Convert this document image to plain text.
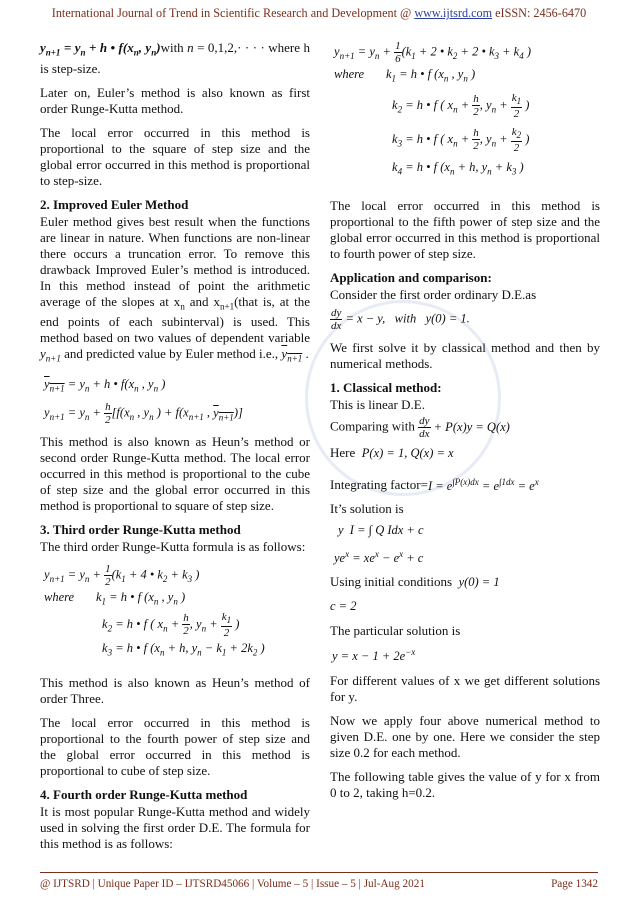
International Journal of Trend in Scientific Research and Development @ www.ijtsrd.com eISSN: 2456-6470

$y_{n+1} = y_n + h$ • $f(x_n$, $y_n)with$ n = 0,1,2,· · · · where h is step-size.

Later on, Euler’s method is also known as first order Runge-Kutta method.

The local error occurred in this method is proportional to the square of step size and the global error occurred in this method is proportional to step-size.

2. Improved Euler Method

Euler method gives best result when the functions are linear in nature. When functions are non-linear there occurs a truncation error. To remove this drawback Improved Euler’s method is introduced. In this method instead of point the arithmetic average of the slopes at $x_n$ and $x_{n+1}(that$ is, at the end points of each subinterval) is used. This method based on two values of dependent variable $y_{n+1}$ and predicted value by Euler method i.e., $y_{n+1}$ .

$y_{n+1} = y_n + h$ • $f(x_n$ , $y_n$ )
$y_{n+1} = y_n + \frac{h}{2} [f(x_n$ , $y_n$ ) + $f(x_{n+1}$ , $y_{n+1}$)]

This method is also known as Heun’s method or second order Runge-Kutta method. The local error occurred in this method is proportional to the cube of step size and the global error occurred in this method is proportional to square of step size.

3. Third order Runge-Kutta method

The third order Runge-Kutta formula is as follows:

$y_{n+1} = y_n + \frac{1}{2} (k_1 + 4$ • $k_2 + k_3$ )
where       $k_1 = h$ • f ($x_n$ , $y_n$ )
$k_2 = h$ • f ( $x_n + \frac{h}{2}$ , $y_n + \frac{k_1}{2}$ )
$k_3 = h$ • f ($x_n + h$, $y_n - k_1 + 2k_2$ )

This method is also known as Heun’s method of order Three.

The local error occurred in this method is proportional to the fourth power of step size and the global error occurred in this method is proportional to cube of step size.

4. Fourth order Runge-Kutta method

It is most popular Runge-Kutta method and widely used in solving the first order D.E. The formula for this method is as follows:

$y_{n+1} = y_n + \frac{1}{6} (k_1 + 2$ • $k_2 + 2$ • $k_3 + k_4$ )
where       $k_1 = h$ • f ($x_n$ , $y_n$ )
$k_2 = h$ • f ( $x_n + \frac{h}{2}$ , $y_n + \frac{k_1}{2}$ )
$k_3 = h$ • f ( $x_n + \frac{h}{2}$ , $y_n + \frac{k_2}{2}$ )
$k_4 = h$ • f ($x_n + h$, $y_n + k_3$ )

The local error occurred in this method is proportional to the fifth power of step size and the global error occurred in this method is proportional to fourth power of step size.

Application and comparison:

Consider the first order ordinary D.E.as

$\frac{dy}{dx} = x - y$,   with   y(0) = 1.

We first solve it by classical method and then by numerical methods.

1. Classical method:

This is linear D.E.

Comparing with $\frac{dy}{dx} + P(x)y = Q(x)$

Here P(x) = 1, Q(x) = x

Integrating factor=I = $e^{\int P(x)dx} = e^{\int 1dx} = e^x$

It’s solution is

y  I = ∫ Q Idx + c
$ye^x = xe^x - e^x + c$

Using initial conditions y(0) = 1

c = 2

The particular solution is

$y = x - 1 + 2e^{-x}$

For different values of x we get different solutions for y.

Now we apply four above numerical method to given D.E. one by one. Here we consider the step size 0.2 for each method.

The following table gives the value of y for x from 0 to 2, taking h=0.2.

@ IJTSRD | Unique Paper ID – IJTSRD45066 | Volume – 5 | Issue – 5 | Jul-Aug 2021	Page 1342
